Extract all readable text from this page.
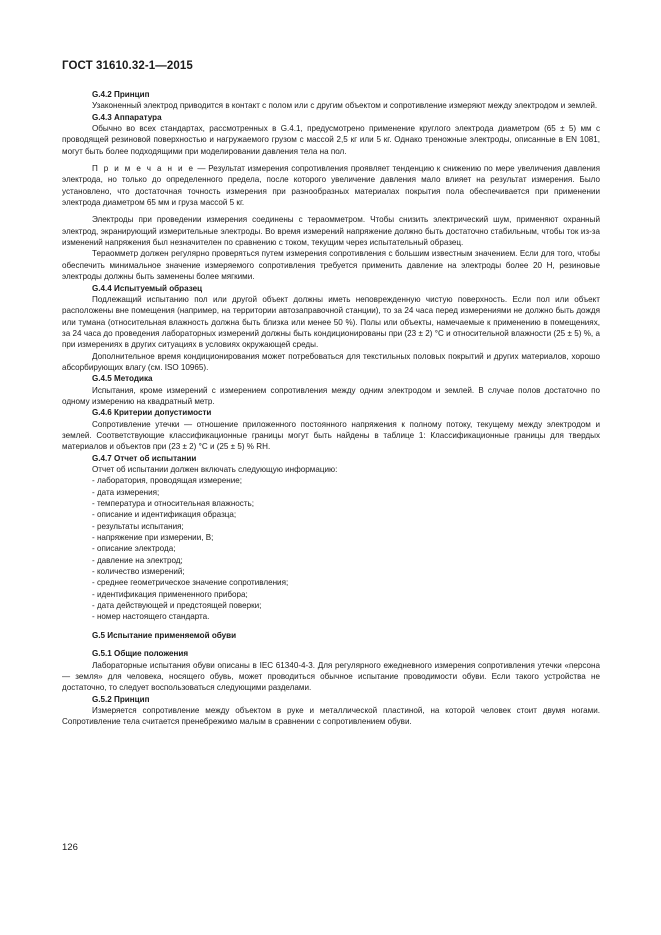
ГОСТ 31610.32-1—2015

G.4.2 Принцип

Узаконенный электрод приводится в контакт с полом или с другим объектом и сопротивление измеряют между электродом и землей.

G.4.3 Аппаратура

Обычно во всех стандартах, рассмотренных в G.4.1, предусмотрено применение круглого электрода диаметром (65 ± 5) мм с проводящей резиновой поверхностью и нагружаемого грузом с массой 2,5 кг или 5 кг. Однако треножные электроды, описанные в EN 1081, могут быть более подходящими при моделировании давления тела на пол.

П р и м е ч а н и е — Результат измерения сопротивления проявляет тенденцию к снижению по мере увеличения давления электрода, но только до определенного предела, после которого увеличение давления мало влияет на результат измерения. Было установлено, что достаточная точность измерения при разнообразных материалах покрытия пола обеспечивается при применении электрода диаметром 65 мм и груза массой 5 кг.

Электроды при проведении измерения соединены с тераомметром. Чтобы снизить электрический шум, применяют охранный электрод, экранирующий измерительные электроды. Во время измерений напряжение должно быть достаточно стабильным, чтобы ток из-за изменений напряжения был незначителен по сравнению с током, текущим через испытательный образец.

Тераомметр должен регулярно проверяться путем измерения сопротивления с большим известным значением. Если для того, чтобы обеспечить минимальное значение измеряемого сопротивления требуется применить давление на электроды более 20 Н, резиновые электроды должны быть заменены более мягкими.

G.4.4 Испытуемый образец

Подлежащий испытанию пол или другой объект должны иметь неповрежденную чистую поверхность. Если пол или объект расположены вне помещения (например, на территории автозаправочной станции), то за 24 часа перед измерениями не должно быть дождя или тумана (относительная влажность должна быть близка или менее 50 %). Полы или объекты, намечаемые к применению в помещениях, за 24 часа до проведения лабораторных измерений должны быть кондиционированы при (23 ± 2) °С и относительной влажности (25 ± 5) %, а при измерениях в других ситуациях в условиях окружающей среды.

Дополнительное время кондиционирования может потребоваться для текстильных половых покрытий и других материалов, хорошо абсорбирующих влагу (см. ISO 10965).

G.4.5 Методика

Испытания, кроме измерений с измерением сопротивления между одним электродом и землей. В случае полов достаточно по одному измерению на квадратный метр.

G.4.6 Критерии допустимости

Сопротивление утечки — отношение приложенного постоянного напряжения к полному потоку, текущему между электродом и землей. Соответствующие классификационные границы могут быть найдены в таблице 1: Классификационные границы для твердых материалов и объектов при (23 ± 2) °С и (25 ± 5) % RH.

G.4.7 Отчет об испытании

Отчет об испытании должен включать следующую информацию:

- лаборатория, проводящая измерение;
- дата измерения;
- температура и относительная влажность;
- описание и идентификация образца;
- результаты испытания;
- напряжение при измерении, В;
- описание электрода;
- давление на электрод;
- количество измерений;
- среднее геометрическое значение сопротивления;
- идентификация примененного прибора;
- дата действующей и предстоящей поверки;
- номер настоящего стандарта.

G.5 Испытание применяемой обуви

G.5.1 Общие положения

Лабораторные испытания обуви описаны в IEC 61340-4-3. Для регулярного ежедневного измерения сопротивления утечки «персона — земля» для человека, носящего обувь, может проводиться обычное испытание проводимости обуви. Если такого устройства не достаточно, то следует воспользоваться следующими разделами.

G.5.2 Принцип

Измеряется сопротивление между объектом в руке и металлической пластиной, на которой человек стоит двумя ногами. Сопротивление тела считается пренебрежимо малым в сравнении с сопротивлением обуви.

126
